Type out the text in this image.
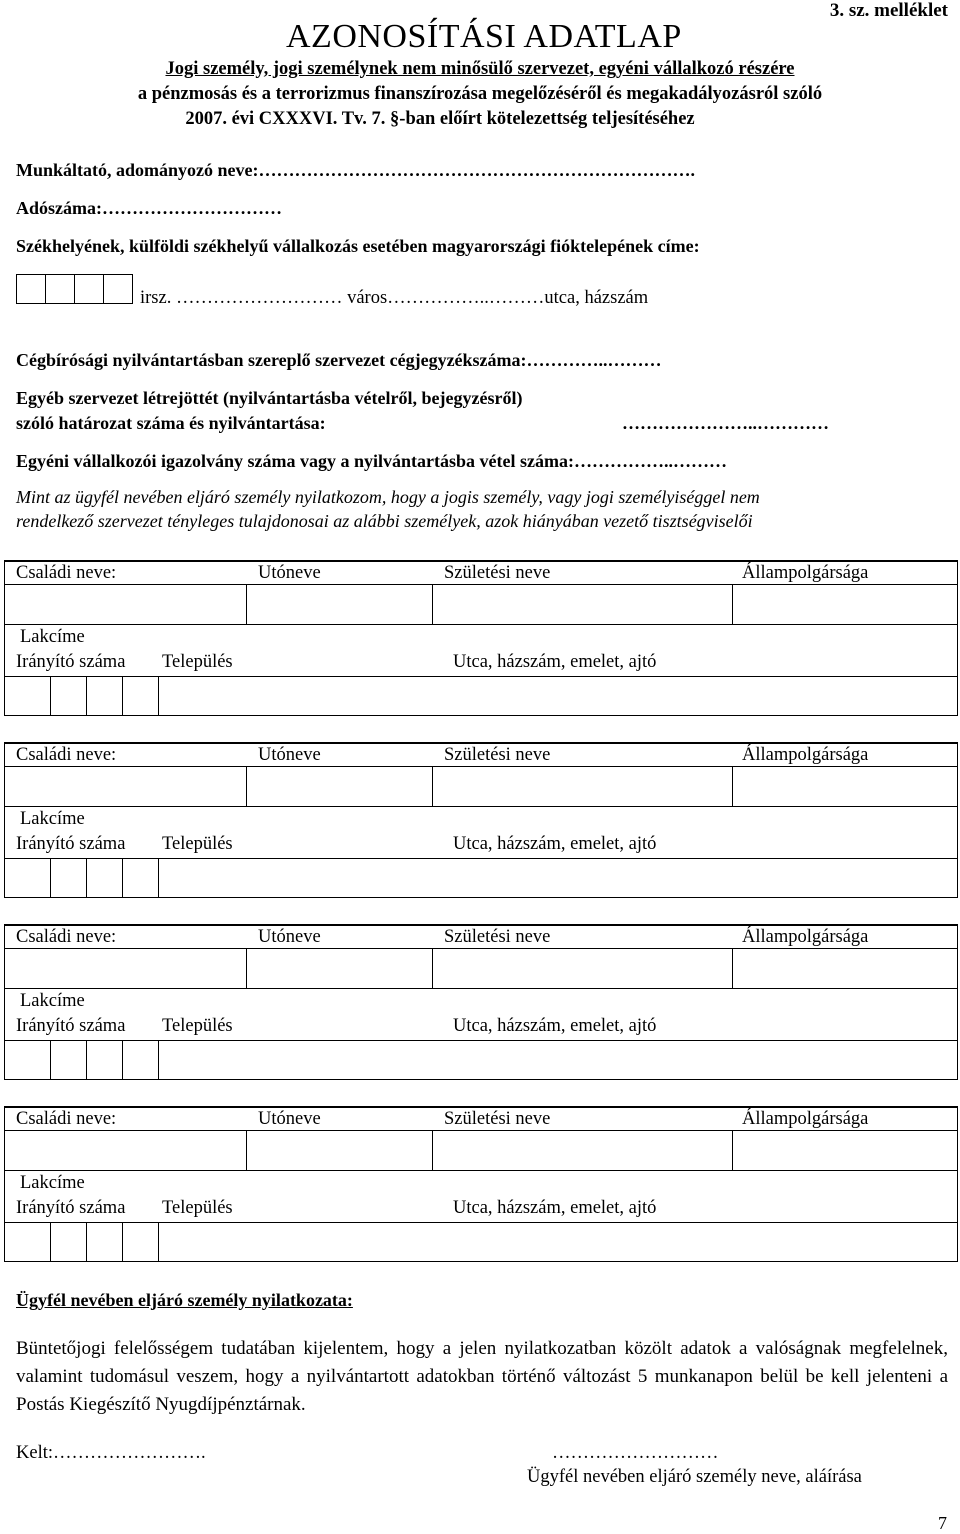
3. sz. melléklet
AZONOSÍTÁSI ADATLAP
Jogi személy, jogi személynek nem minősülő szervezet, egyéni vállalkozó részére
a pénzmosás és a terrorizmus finanszírozása megelőzéséről és megakadályozásról szóló
2007. évi CXXXVI. Tv. 7. §-ban előírt kötelezettség teljesítéséhez
Munkáltató, adományozó neve:……………………………………………………………….
Adószáma:…………………………
Székhelyének, külföldi székhelyű vállalkozás esetében magyarországi fióktelepének címe:
irsz. ……………………… város……………..………utca, házszám
Cégbírósági nyilvántartásban szereplő szervezet cégjegyzékszáma:…………..………
Egyéb szervezet létrejöttét (nyilvántartásba vételről, bejegyzésről)
szóló határozat száma és nyilvántartása:	…………………..…………
Egyéni vállalkozói igazolvány száma vagy a nyilvántartásba vétel száma:……………..………
Mint az ügyfél nevében eljáró személy nyilatkozom, hogy a jogis személy, vagy jogi személyiséggel nem
rendelkező szervezet tényleges tulajdonosai az alábbi személyek, azok hiányában vezető tisztségviselői
Családi neve:	Utóneve	Születési neve	Állampolgársága
Lakcíme
Irányító száma Település	Utca, házszám, emelet, ajtó
Családi neve:	Utóneve	Születési neve	Állampolgársága
Lakcíme
Irányító száma Település	Utca, házszám, emelet, ajtó
Családi neve:	Utóneve	Születési neve	Állampolgársága
Lakcíme
Irányító száma Település	Utca, házszám, emelet, ajtó
Családi neve:	Utóneve	Születési neve	Állampolgársága
Lakcíme
Irányító száma Település	Utca, házszám, emelet, ajtó
Ügyfél nevében eljáró személy nyilatkozata:
Büntetőjogi felelősségem tudatában kijelentem, hogy a jelen nyilatkozatban közölt adatok a valóságnak megfelelnek, valamint tudomásul veszem, hogy a nyilvántartott adatokban történő változást 5 munkanapon belül be kell jelenteni a Postás Kiegészítő Nyugdíjpénztárnak.
Kelt:…………………….	………………………
Ügyfél nevében eljáró személy neve, aláírása
7
